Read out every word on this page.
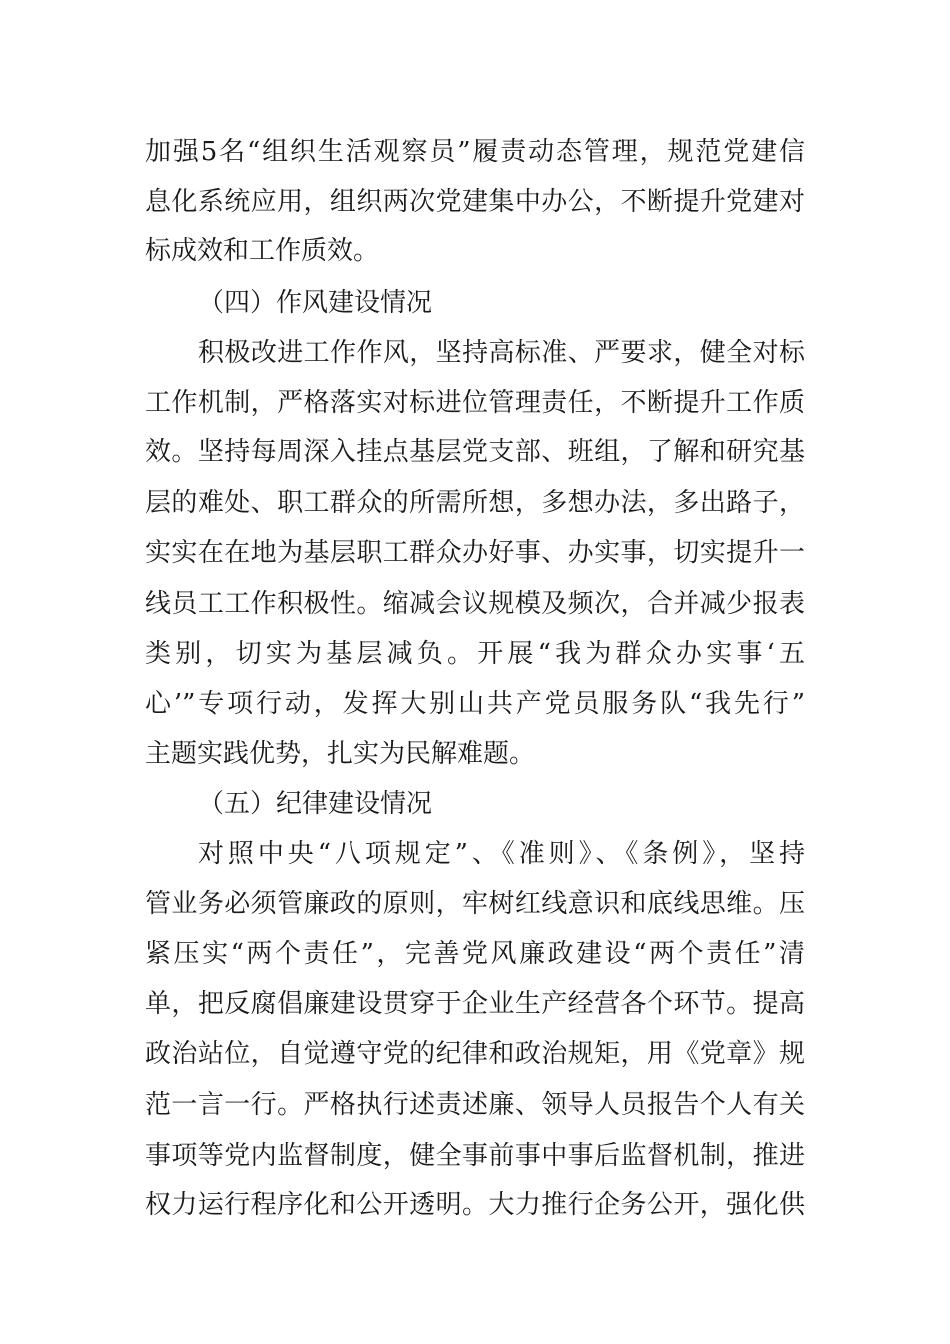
加强5名“组织生活观察员”履责动态管理，规范党建信
息化系统应用，组织两次党建集中办公，不断提升党建对
标成效和工作质效。
（四）作风建设情况
积极改进工作作风，坚持高标准、严要求，健全对标
工作机制，严格落实对标进位管理责任，不断提升工作质
效。坚持每周深入挂点基层党支部、班组，了解和研究基
层的难处、职工群众的所需所想，多想办法，多出路子，
实实在在地为基层职工群众办好事、办实事，切实提升一
线员工工作积极性。缩减会议规模及频次，合并减少报表
类别，切实为基层减负。开展“我为群众办实事‘五
心’”专项行动，发挥大别山共产党员服务队“我先行”
主题实践优势，扎实为民解难题。
（五）纪律建设情况
对照中央“八项规定”、《准则》、《条例》，坚持
管业务必须管廉政的原则，牢树红线意识和底线思维。压
紧压实“两个责任”，完善党风廉政建设“两个责任”清
单，把反腐倡廉建设贯穿于企业生产经营各个环节。提高
政治站位，自觉遵守党的纪律和政治规矩，用《党章》规
范一言一行。严格执行述责述廉、领导人员报告个人有关
事项等党内监督制度，健全事前事中事后监督机制，推进
权力运行程序化和公开透明。大力推行企务公开，强化供
